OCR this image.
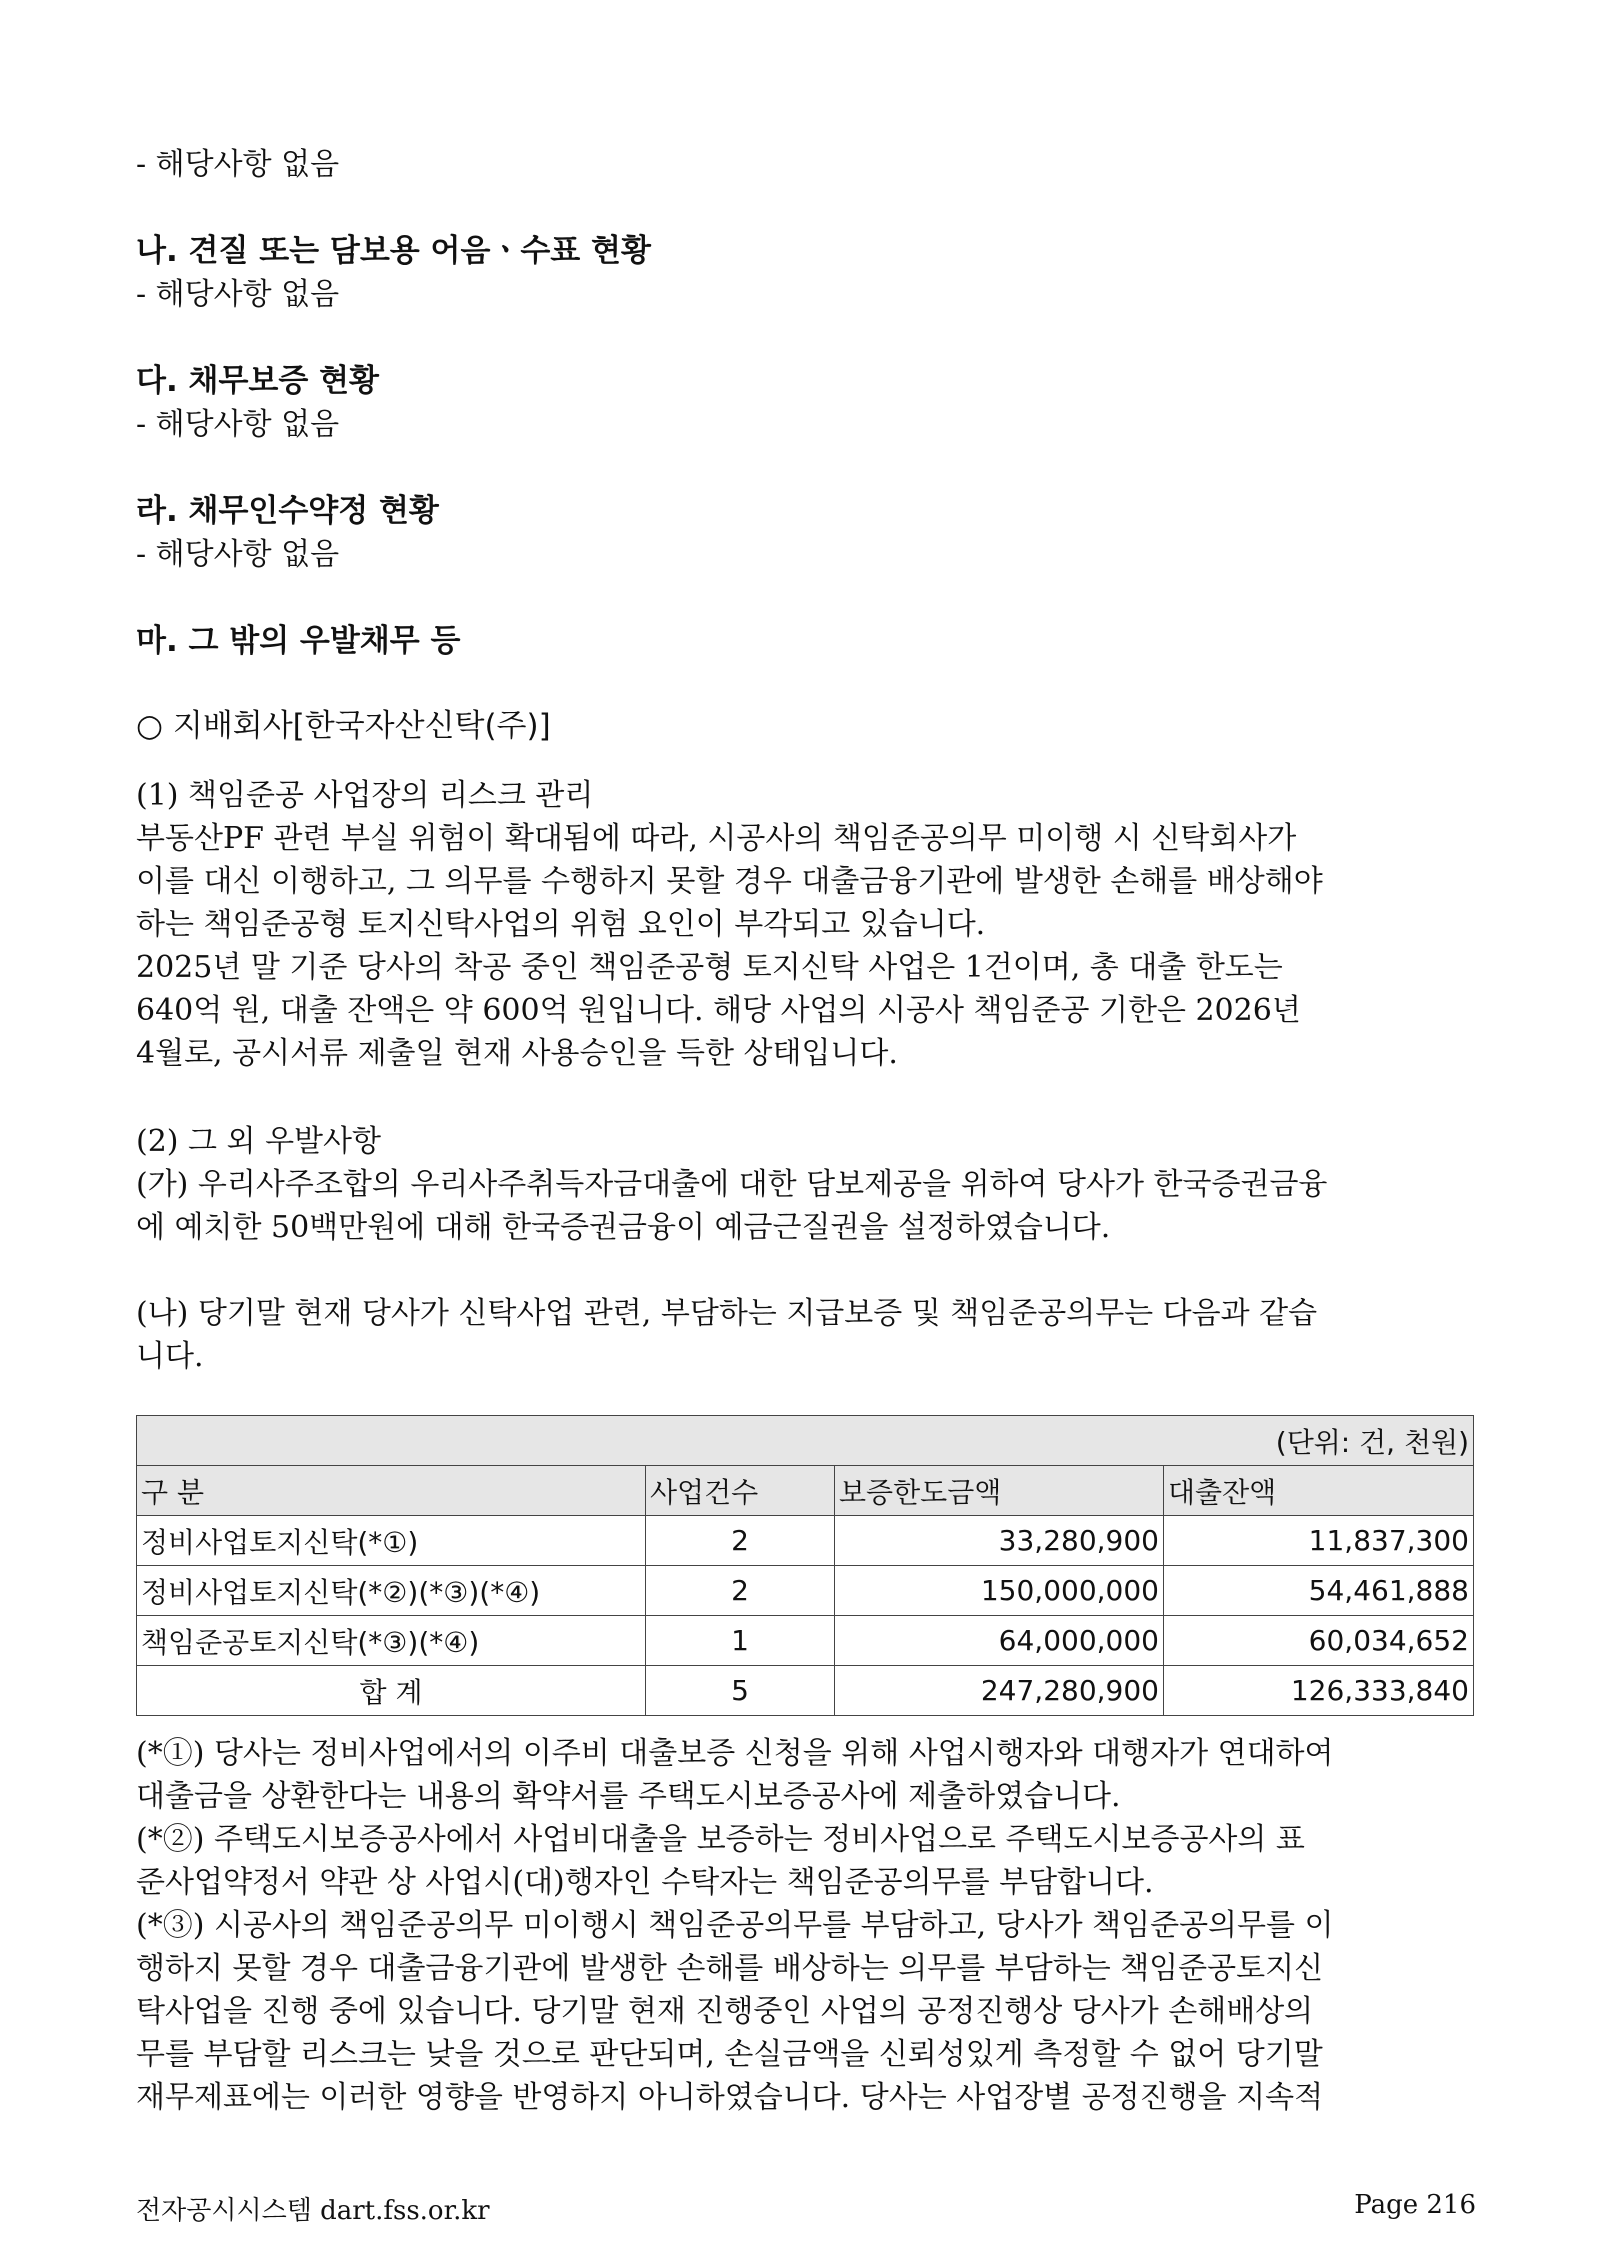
- 해당사항 없음
나. 견질 또는 담보용 어음ㆍ수표 현황
- 해당사항 없음
다. 채무보증 현황
- 해당사항 없음
라. 채무인수약정 현황
- 해당사항 없음
마. 그 밖의 우발채무 등
○ 지배회사[한국자산신탁(주)]
(1) 책임준공 사업장의 리스크 관리
부동산PF 관련 부실 위험이 확대됨에 따라, 시공사의 책임준공의무 미이행 시 신탁회사가
이를 대신 이행하고, 그 의무를 수행하지 못할 경우 대출금융기관에 발생한 손해를 배상해야
하는 책임준공형 토지신탁사업의 위험 요인이 부각되고 있습니다.
2025년 말 기준 당사의 착공 중인 책임준공형 토지신탁 사업은 1건이며, 총 대출 한도는
640억 원, 대출 잔액은 약 600억 원입니다. 해당 사업의 시공사 책임준공 기한은 2026년
4월로, 공시서류 제출일 현재 사용승인을 득한 상태입니다.
(2) 그 외 우발사항
(가) 우리사주조합의 우리사주취득자금대출에 대한 담보제공을 위하여 당사가 한국증권금융
에 예치한 50백만원에 대해 한국증권금융이 예금근질권을 설정하였습니다.
(나) 당기말 현재 당사가 신탁사업 관련, 부담하는 지급보증 및 책임준공의무는 다음과 같습
니다.
(단위: 건, 천원)			
구 분	사업건수	보증한도금액	대출잔액
정비사업토지신탁(*①)	2	33,280,900	11,837,300
정비사업토지신탁(*②)(*③)(*④)	2	150,000,000	54,461,888
책임준공토지신탁(*③)(*④)	1	64,000,000	60,034,652
합 계	5	247,280,900	126,333,840
(*①) 당사는 정비사업에서의 이주비 대출보증 신청을 위해 사업시행자와 대행자가 연대하여
대출금을 상환한다는 내용의 확약서를 주택도시보증공사에 제출하였습니다.
(*②) 주택도시보증공사에서 사업비대출을 보증하는 정비사업으로 주택도시보증공사의 표
준사업약정서 약관 상 사업시(대)행자인 수탁자는 책임준공의무를 부담합니다.
(*③) 시공사의 책임준공의무 미이행시 책임준공의무를 부담하고, 당사가 책임준공의무를 이
행하지 못할 경우 대출금융기관에 발생한 손해를 배상하는 의무를 부담하는 책임준공토지신
탁사업을 진행 중에 있습니다. 당기말 현재 진행중인 사업의 공정진행상 당사가 손해배상의
무를 부담할 리스크는 낮을 것으로 판단되며, 손실금액을 신뢰성있게 측정할 수 없어 당기말
재무제표에는 이러한 영향을 반영하지 아니하였습니다. 당사는 사업장별 공정진행을 지속적
전자공시시스템 dart.fss.or.kr	Page 216
